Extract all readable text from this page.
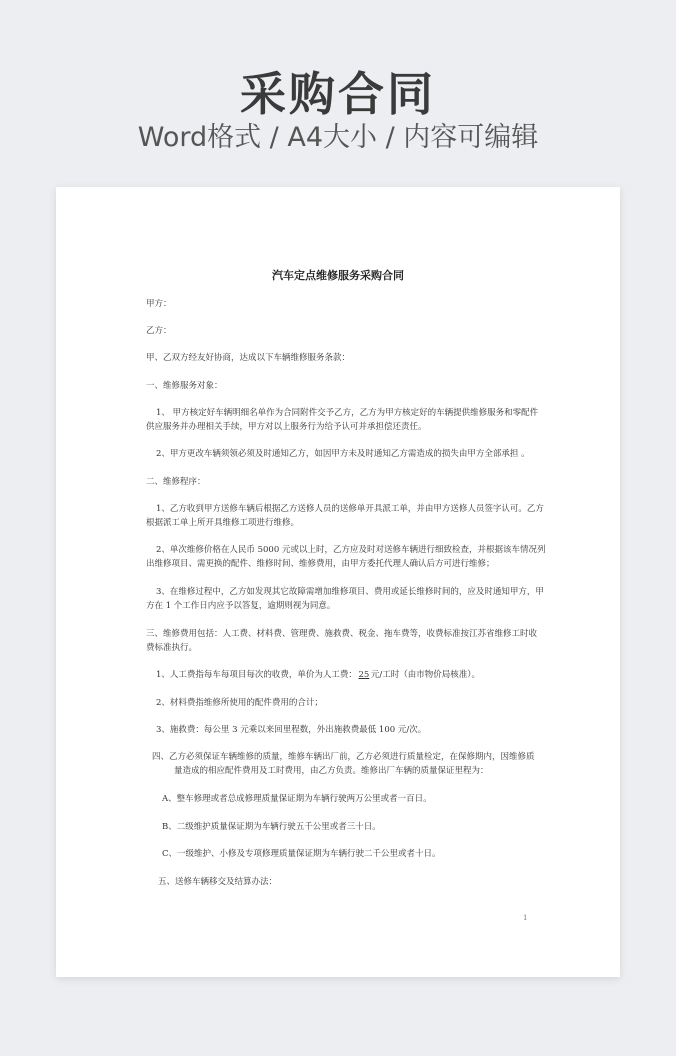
采购合同
Word格式 / A4大小 / 内容可编辑
汽车定点维修服务采购合同
甲方：
乙方：
甲、乙双方经友好协商，达成以下车辆维修服务条款：
一、维修服务对象：
1、 甲方核定好车辆明细名单作为合同附件交予乙方，乙方为甲方核定好的车辆提供维修服务和零配件
供应服务并办理相关手续，甲方对以上服务行为给予认可并承担偿还责任。
2、甲方更改车辆须领必须及时通知乙方，如因甲方未及时通知乙方需造成的损失由甲方全部承担 。
二、维修程序：
1、乙方收到甲方送修车辆后根据乙方送修人员的送修单开具派工单，并由甲方送修人员签字认可。乙方
根据派工单上所开具维修工项进行维修。
2、单次维修价格在人民币 5000 元或以上时，乙方应及时对送修车辆进行细致检查，并根据该车情况列
出维修项目、需更换的配件、维修时间、维修费用，由甲方委托代理人确认后方可进行维修；
3、在维修过程中，乙方如发现其它故障需增加维修项目、费用或延长维修时间的，应及时通知甲方，甲
方在 1 个工作日内应予以答复，逾期则视为同意。
三、维修费用包括：人工费、材料费、管理费、施救费、税金、拖车费等，收费标准按江苏省维修工时收
费标准执行。
1、人工费指每车每项目每次的收费，单价为人工费： 25 元/工时（由市物价局核准）。
2、材料费指维修所使用的配件费用的合计；
3、施救费：每公里 3 元乘以来回里程数，外出施救费最低 100 元/次。
四、乙方必须保证车辆维修的质量，维修车辆出厂前，乙方必须进行质量检定，在保修期内，因维修质
量造成的相应配件费用及工时费用，由乙方负责。维修出厂车辆的质量保证里程为：
A、整车修理或者总成修理质量保证期为车辆行驶两万公里或者一百日。
B、二级维护质量保证期为车辆行驶五千公里或者三十日。
C、一级维护、小修及专项修理质量保证期为车辆行驶二千公里或者十日。
五、送修车辆移交及结算办法：
1
